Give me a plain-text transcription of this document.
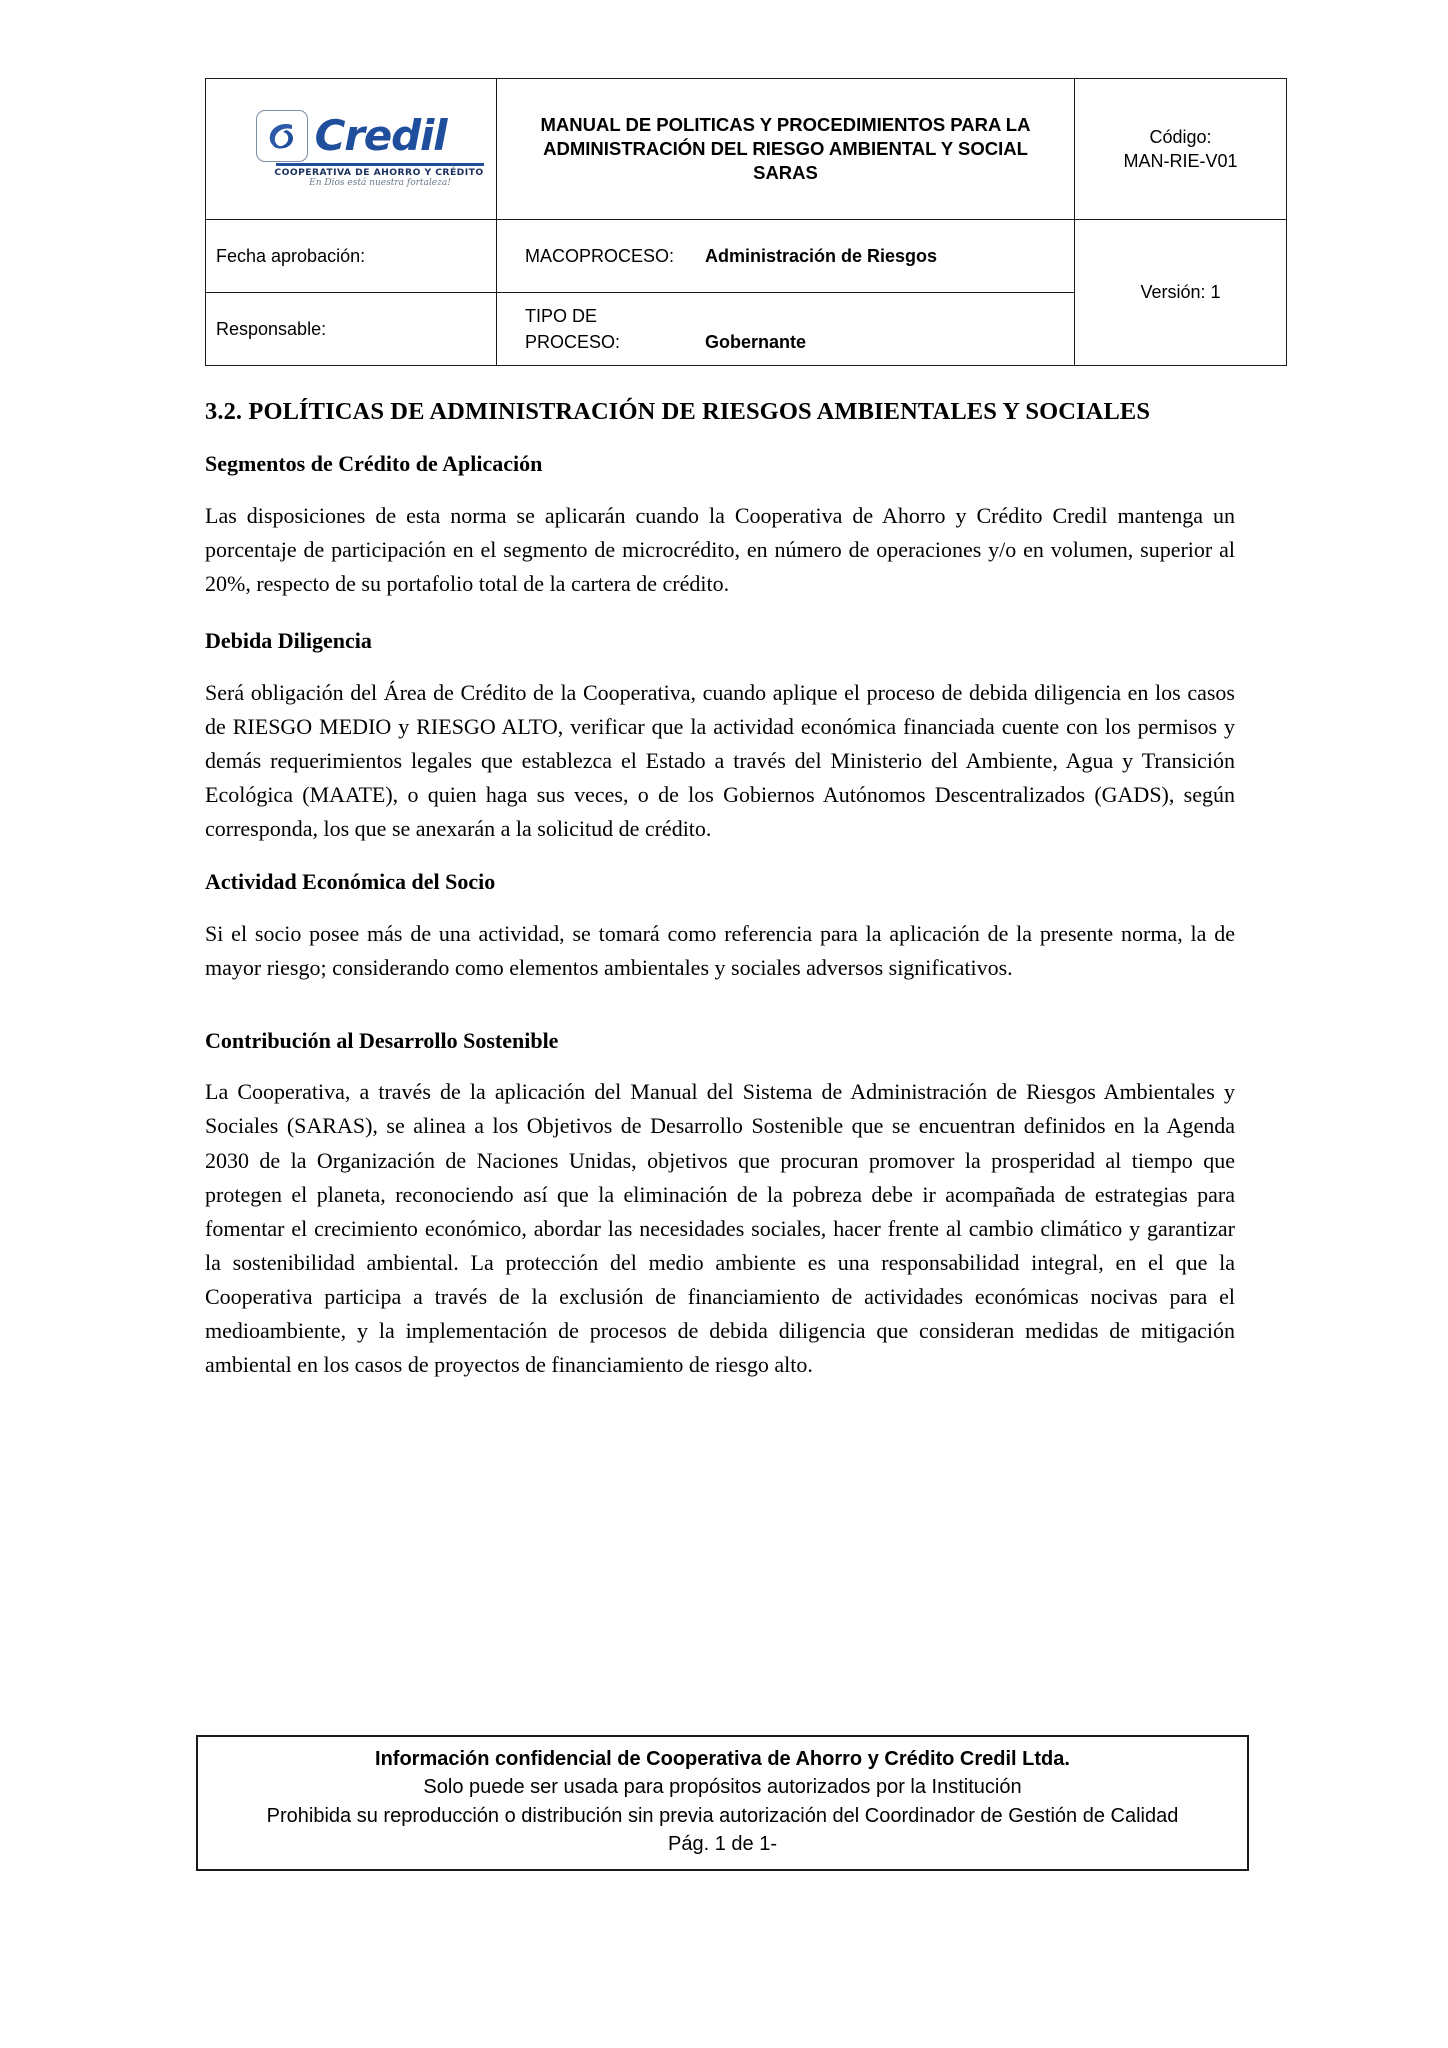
Credil
COOPERATIVA DE AHORRO Y CRÉDITO
En Dios está nuestra fortaleza!
	MANUAL DE POLITICAS Y PROCEDIMIENTOS PARA LA ADMINISTRACIÓN DEL RIESGO AMBIENTAL Y SOCIAL SARAS	
Código:
MAN-RIE-V01

Fecha aprobación:		MACOPROCESO:	Administración de Riesgos
	Versión: 1
Responsable:	
TIPO DE PROCESO:	Gobernante
3.2. POLÍTICAS DE ADMINISTRACIÓN DE RIESGOS AMBIENTALES Y SOCIALES
Segmentos de Crédito de Aplicación

Las disposiciones de esta norma se aplicarán cuando la Cooperativa de Ahorro y Crédito Credil mantenga un porcentaje de participación en el segmento de microcrédito, en número de operaciones y/o en volumen, superior al 20%, respecto de su portafolio total de la cartera de crédito.

Debida Diligencia

Será obligación del Área de Crédito de la Cooperativa, cuando aplique el proceso de debida diligencia en los casos de RIESGO MEDIO y RIESGO ALTO, verificar que la actividad económica financiada cuente con los permisos y demás requerimientos legales que establezca el Estado a través del Ministerio del Ambiente, Agua y Transición Ecológica (MAATE), o quien haga sus veces, o de los Gobiernos Autónomos Descentralizados (GADS), según corresponda, los que se anexarán a la solicitud de crédito.

Actividad Económica del Socio

Si el socio posee más de una actividad, se tomará como referencia para la aplicación de la presente norma, la de mayor riesgo; considerando como elementos ambientales y sociales adversos significativos.

Contribución al Desarrollo Sostenible

La Cooperativa, a través de la aplicación del Manual del Sistema de Administración de Riesgos Ambientales y Sociales (SARAS), se alinea a los Objetivos de Desarrollo Sostenible que se encuentran definidos en la Agenda 2030 de la Organización de Naciones Unidas, objetivos que procuran promover la prosperidad al tiempo que protegen el planeta, reconociendo así que la eliminación de la pobreza debe ir acompañada de estrategias para fomentar el crecimiento económico, abordar las necesidades sociales, hacer frente al cambio climático y garantizar la sostenibilidad ambiental. La protección del medio ambiente es una responsabilidad integral, en el que la Cooperativa participa a través de la exclusión de financiamiento de actividades económicas nocivas para el medioambiente, y la implementación de procesos de debida diligencia que consideran medidas de mitigación ambiental en los casos de proyectos de financiamiento de riesgo alto.

Información confidencial de Cooperativa de Ahorro y Crédito Credil Ltda.
Solo puede ser usada para propósitos autorizados por la Institución
Prohibida su reproducción o distribución sin previa autorización del Coordinador de Gestión de Calidad
Pág. 1 de 1-
